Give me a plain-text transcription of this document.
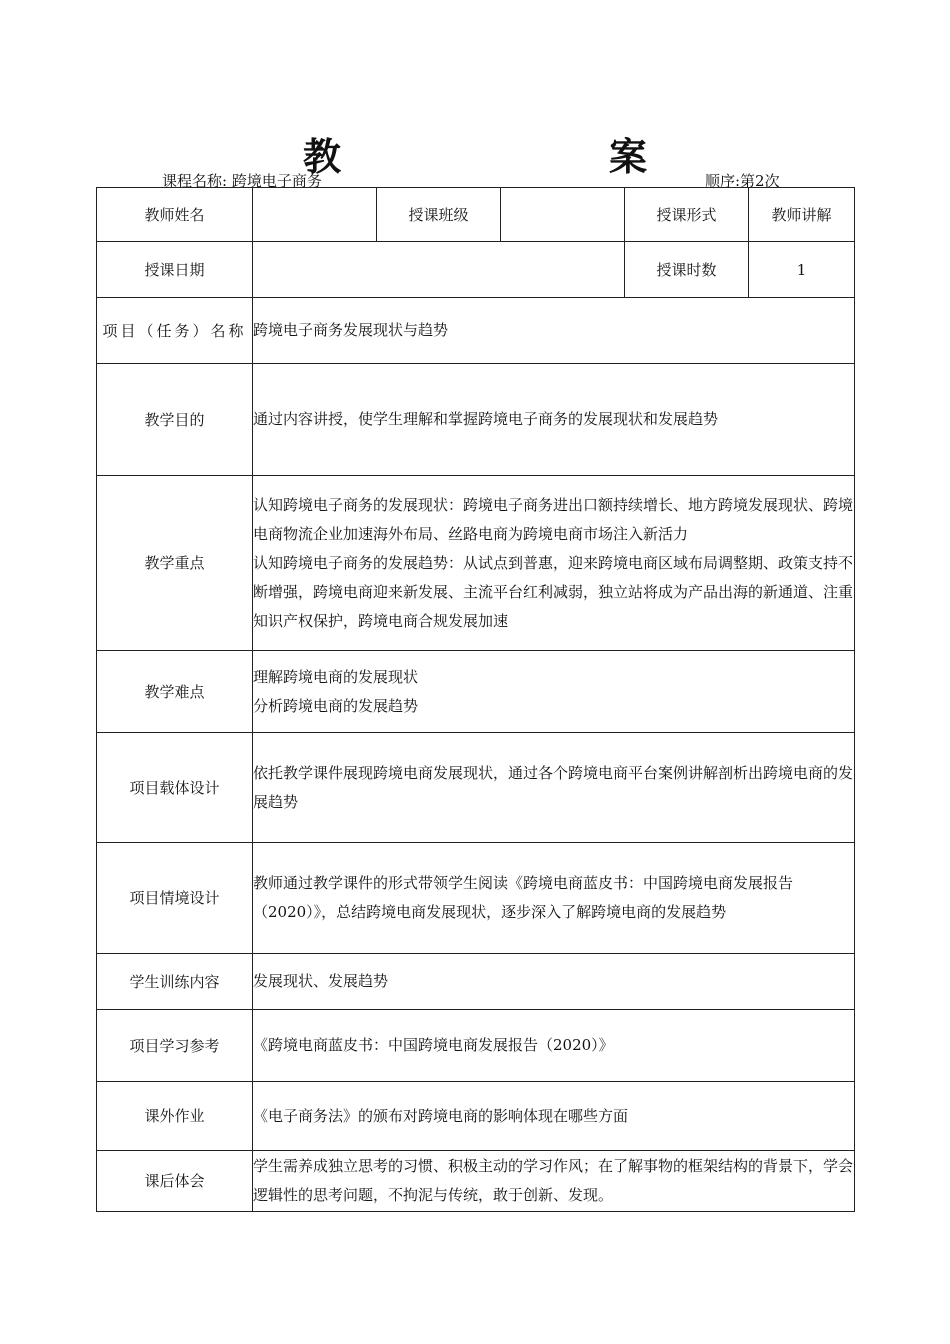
教	案
课程名称: 跨境电子商务	顺序:第2次
教师姓名		授课班级		授课形式	教师讲解
授课日期				授课时数	1
项目（任务）名称	跨境电子商务发展现状与趋势				

教学目的	通过内容讲授，使学生理解和掌握跨境电子商务的发展现状和发展趋势				

教学重点	认知跨境电子商务的发展现状：跨境电子商务进出口额持续增长、地方跨境发展现状、跨境电商物流企业加速海外布局、丝路电商为跨境电商市场注入新活力
认知跨境电子商务的发展趋势：从试点到普惠，迎来跨境电商区域布局调整期、政策支持不断增强，跨境电商迎来新发展、主流平台红利减弱，独立站将成为产品出海的新通道、注重知识产权保护，跨境电商合规发展加速				

教学难点	理解跨境电商的发展现状
分析跨境电商的发展趋势				

项目载体设计	依托教学课件展现跨境电商发展现状，通过各个跨境电商平台案例讲解剖析出跨境电商的发展趋势				

项目情境设计	教师通过教学课件的形式带领学生阅读《跨境电商蓝皮书：中国跨境电商发展报告（2020）》，总结跨境电商发展现状，逐步深入了解跨境电商的发展趋势				

学生训练内容	发展现状、发展趋势				

项目学习参考	《跨境电商蓝皮书：中国跨境电商发展报告（2020）》				

课外作业	《电子商务法》的颁布对跨境电商的影响体现在哪些方面				

课后体会	学生需养成独立思考的习惯、积极主动的学习作风；在了解事物的框架结构的背景下，学会逻辑性的思考问题，不拘泥与传统，敢于创新、发现。				
